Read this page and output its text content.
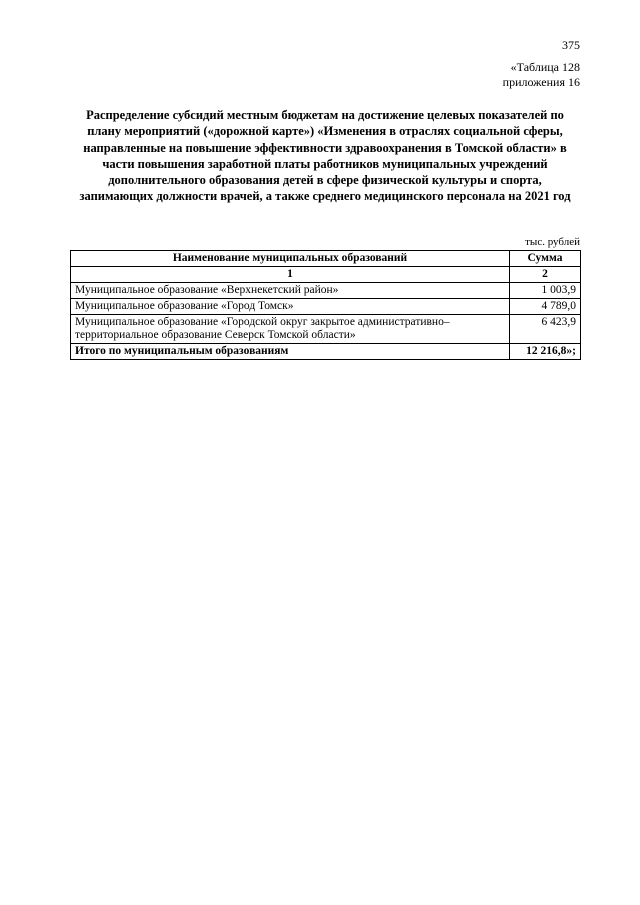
375
«Таблица 128
приложения 16
Распределение субсидий местным бюджетам на достижение целевых показателей по плану мероприятий («дорожной карте») «Изменения в отраслях социальной сферы, направленные на повышение эффективности здравоохранения в Томской области» в части повышения заработной платы работников муниципальных учреждений дополнительного образования детей в сфере физической культуры и спорта, запимающих должности врачей, а также среднего медицинского персонала на 2021 год
тыс. рублей
Наименование муниципальных образований	Сумма
1	2
Муниципальное образование «Верхнекетский район»	1 003,9
Муниципальное образование «Город Томск»	4 789,0
Муниципальное образование «Городской округ закрытое административно–территориальное образование Северск Томской области»	6 423,9
Итого по муниципальным образованиям	12 216,8»;
